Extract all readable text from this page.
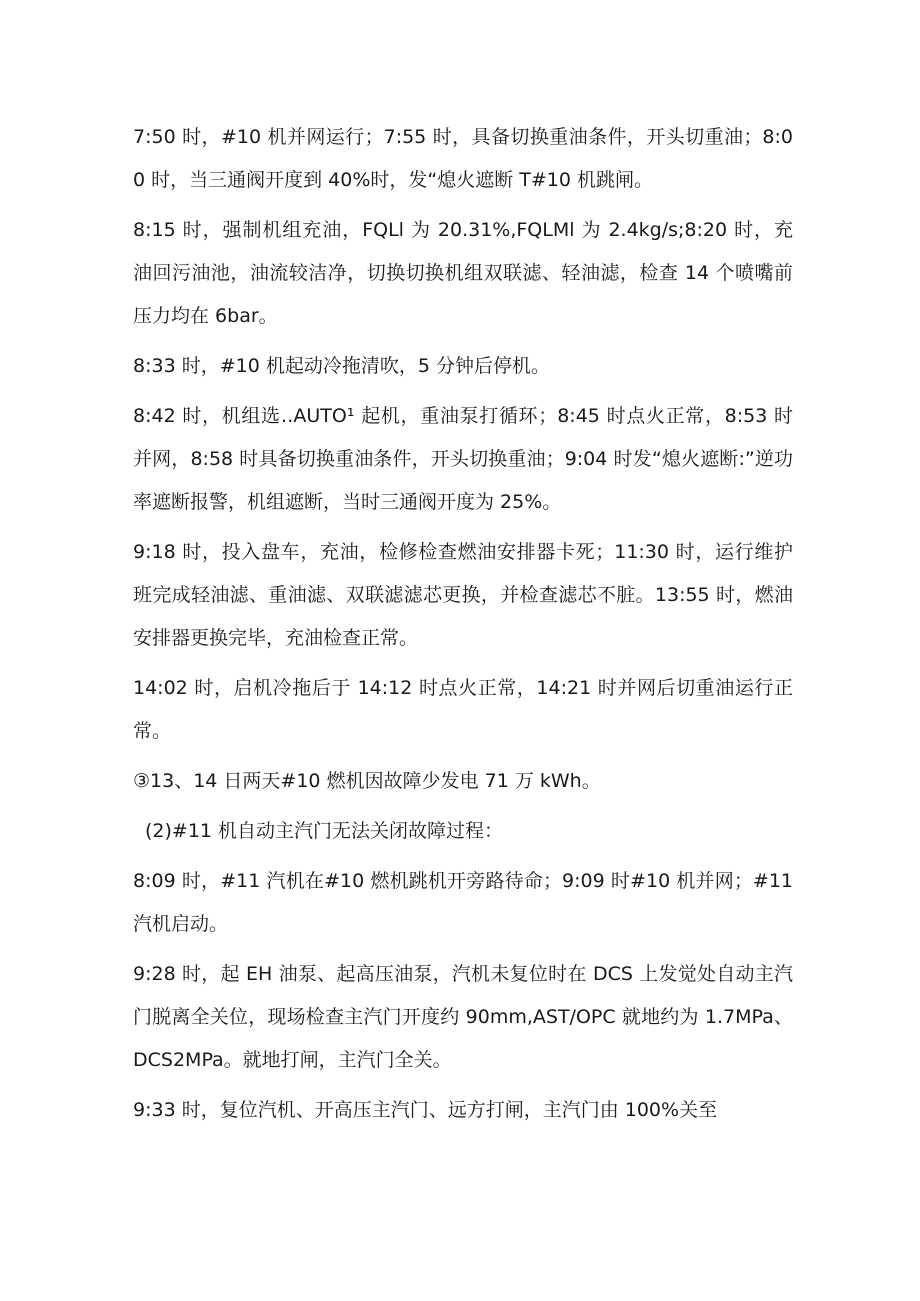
7:50 时，#10 机并网运行；7:55 时，具备切换重油条件，开头切重油；8:00 时，当三通阀开度到 40%时，发“熄火遮断 T#10 机跳闸。

8:15 时，强制机组充油，FQLl 为 20.31%,FQLMl 为 2.4kg∕s;8:20 时，充油回污油池，油流较洁净，切换切换机组双联滤、轻油滤，检查 14 个喷嘴前压力均在 6bar。

8:33 时，#10 机起动冷拖清吹，5 分钟后停机。

8:42 时，机组选‥AUTO¹ 起机，重油泵打循环；8:45 时点火正常，8:53 时并网，8:58 时具备切换重油条件，开头切换重油；9:04 时发“熄火遮断:”逆功率遮断报警，机组遮断，当时三通阀开度为 25%。

9:18 时，投入盘车，充油，检修检查燃油安排器卡死；11:30 时，运行维护班完成轻油滤、重油滤、双联滤滤芯更换，并检查滤芯不脏。13:55 时，燃油安排器更换完毕，充油检查正常。

14:02 时，启机冷拖后于 14:12 时点火正常，14:21 时并网后切重油运行正常。

③13、14 日两天#10 燃机因故障少发电 71 万 kWh。

(2)#11 机自动主汽门无法关闭故障过程：

8:09 时，#11 汽机在#10 燃机跳机开旁路待命；9:09 时#10 机并网；#11 汽机启动。

9:28 时，起 EH 油泵、起高压油泵，汽机未复位时在 DCS 上发觉处自动主汽门脱离全关位，现场检查主汽门开度约 90mm,AST/OPC 就地约为 1.7MPa、DCS2MPa。就地打闸，主汽门全关。

9:33 时，复位汽机、开高压主汽门、远方打闸，主汽门由 100%关至
